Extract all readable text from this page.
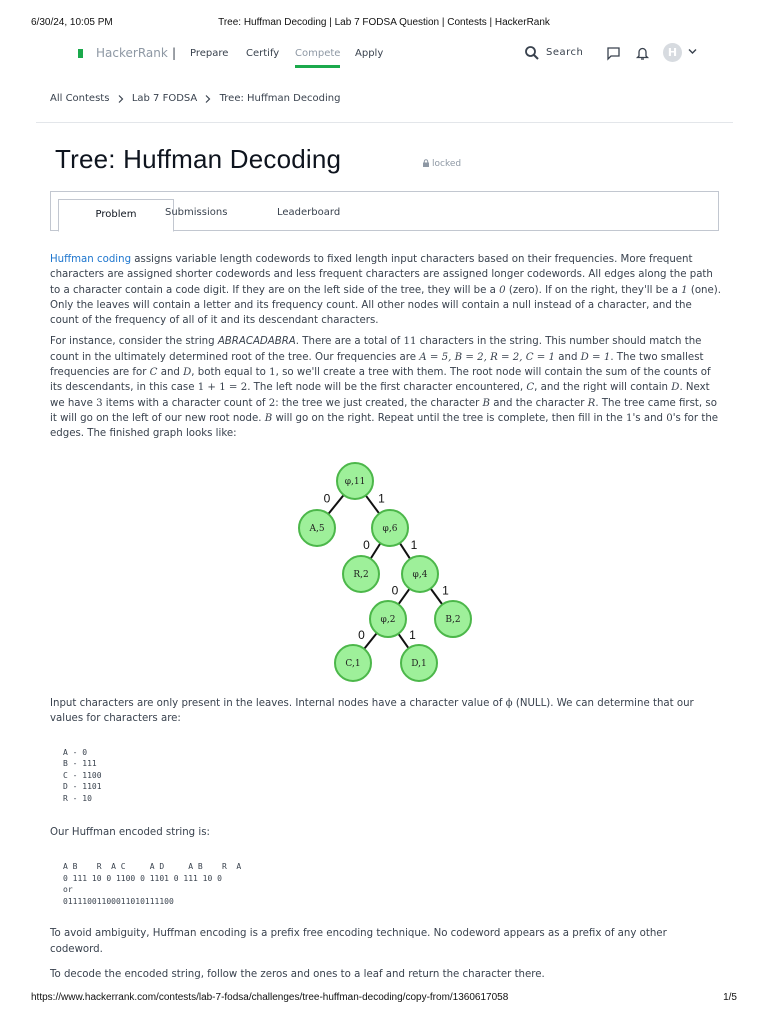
6/30/24, 10:05 PM	Tree: Huffman Decoding | Lab 7 FODSA Question | Contests | HackerRank
HackerRank | Prepare Certify Compete Apply	Search	H
All Contests Lab 7 FODSA Tree: Huffman Decoding
Tree: Huffman Decoding	locked
Problem	Submissions	Leaderboard

Huffman coding assigns variable length codewords to fixed length input characters based on their frequencies. More frequent characters are assigned shorter codewords and less frequent characters are assigned longer codewords. All edges along the path to a character contain a code digit. If they are on the left side of the tree, they will be a 0 (zero). If on the right, they'll be a 1 (one). Only the leaves will contain a letter and its frequency count. All other nodes will contain a null instead of a character, and the count of the frequency of all of it and its descendant characters.

For instance, consider the string ABRACADABRA. There are a total of 11 characters in the string. This number should match the count in the ultimately determined root of the tree. Our frequencies are A = 5, B = 2, R = 2, C = 1 and D = 1. The two smallest frequencies are for C and D, both equal to 1, so we'll create a tree with them. The root node will contain the sum of the counts of its descendants, in this case 1 + 1 = 2. The left node will be the first character encountered, C, and the right will contain D. Next we have 3 items with a character count of 2: the tree we just created, the character B and the character R. The tree came first, so it will go on the left of our new root node. B will go on the right. Repeat until the tree is complete, then fill in the 1's and 0's for the edges. The finished graph looks like:

0	1
0	1
0	1
0	1
φ,11
A,5	φ,6
R,2	φ,4
φ,2	B,2
C,1	D,1

Input characters are only present in the leaves. Internal nodes have a character value of ϕ (NULL). We can determine that our values for characters are:

A - 0
B - 111
C - 1100
D - 1101
R - 10

Our Huffman encoded string is:

A B    R  A C     A D     A B    R  A
0 111 10 0 1100 0 1101 0 111 10 0
or
01111001100011010111100

To avoid ambiguity, Huffman encoding is a prefix free encoding technique. No codeword appears as a prefix of any other codeword.

To decode the encoded string, follow the zeros and ones to a leaf and return the character there.

https://www.hackerrank.com/contests/lab-7-fodsa/challenges/tree-huffman-decoding/copy-from/1360617058	1/5
